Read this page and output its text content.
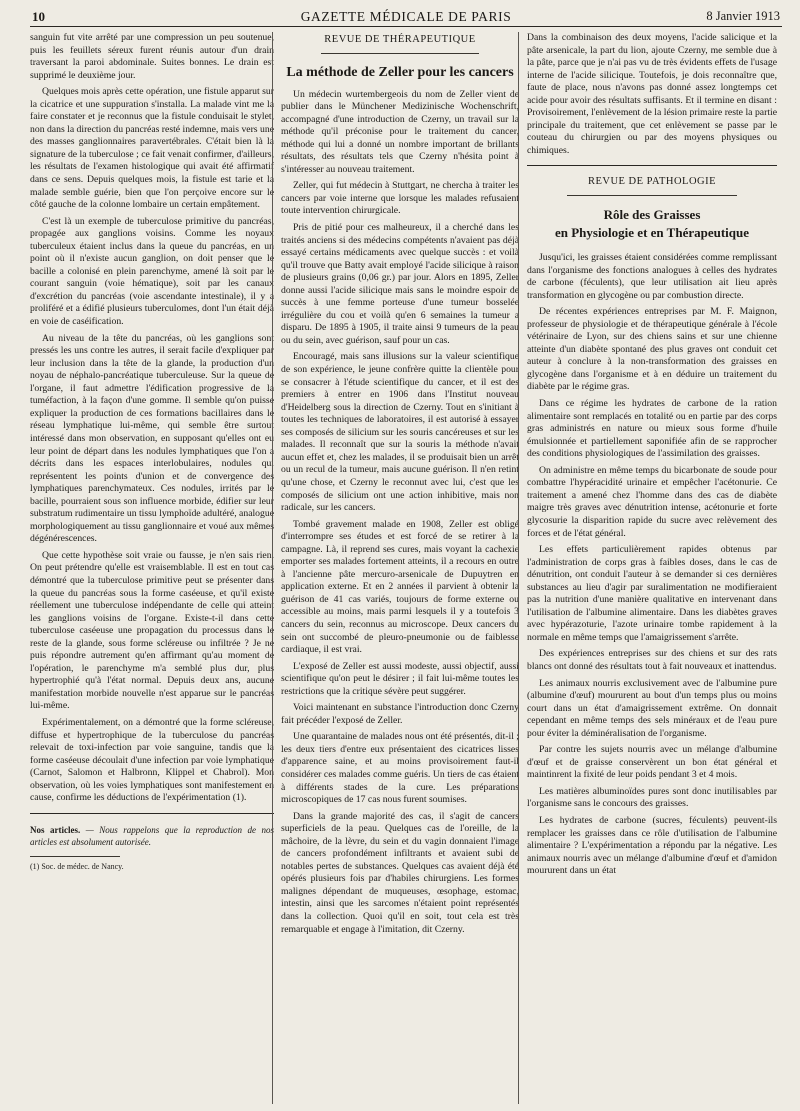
10	GAZETTE MÉDICALE DE PARIS	8 Janvier 1913

sanguin fut vite arrêté par une compression un peu soutenue, puis les feuillets séreux furent réunis autour d'un drain traversant la paroi abdominale. Suites bonnes. Le drain est supprimé le deuxième jour.

Quelques mois après cette opération, une fistule apparut sur la cicatrice et une suppuration s'installa. La malade vint me la faire constater et je reconnus que la fistule conduisait le stylet, non dans la direction du pancréas resté indemne, mais vers une des masses ganglionnaires paravertébrales. C'était bien là la signature de la tuberculose ; ce fait venait confirmer, d'ailleurs, les résultats de l'examen histologique qui avait été affirmatif dans ce sens. Depuis quelques mois, la fistule est tarie et la malade semble guérie, bien que l'on perçoive encore sur le côté gauche de la colonne lombaire un certain empâtement.

C'est là un exemple de tuberculose primitive du pancréas, propagée aux ganglions voisins. Comme les noyaux tuberculeux étaient inclus dans la queue du pancréas, en un point où il n'existe aucun ganglion, on doit penser que le bacille a colonisé en plein parenchyme, amené là soit par le courant sanguin (voie hématique), soit par les canaux d'excrétion du pancréas (voie ascendante intestinale), il y a proliféré et a édifié plusieurs tuberculomes, dont l'un était déjà en voie de caséification.

Au niveau de la tête du pancréas, où les ganglions sont pressés les uns contre les autres, il serait facile d'expliquer par leur inclusion dans la tête de la glande, la production d'un noyau de néphalo-pancréatique tuberculeuse. Sur la queue de l'organe, il faut admettre l'édification progressive de la tuméfaction, à la façon d'une gomme. Il semble qu'on puisse expliquer la production de ces formations bacillaires dans le réseau lymphatique lui-même, qui semble être surtout intéressé dans mon observation, en supposant qu'elles ont eu leur point de départ dans les nodules lymphatiques que l'on a décrits dans les espaces interlobulaires, nodules qui représentent les points d'union et de convergence des lymphatiques parenchymateux. Ces nodules, irrités par le bacille, pourraient sous son influence morbide, édifier sur leur substratum rudimentaire un tissu lymphoïde adultéré, analogue morphologiquement au tissu ganglionnaire et voué aux mêmes dégénérescences.

Que cette hypothèse soit vraie ou fausse, je n'en sais rien. On peut prétendre qu'elle est vraisemblable. Il est en tout cas démontré que la tuberculose primitive peut se présenter dans la queue du pancréas sous la forme caséeuse, et qu'il existe réellement une tuberculose indépendante de celle qui atteint les ganglions voisins de l'organe. Existe-t-il dans cette tuberculose caséeuse une propagation du processus dans le reste de la glande, sous forme scléreuse ou infiltrée ? Je ne puis répondre autrement qu'en affirmant qu'au moment de l'opération, le parenchyme m'a semblé plus dur, plus hypertrophié qu'à l'état normal. Depuis deux ans, aucune manifestation morbide nouvelle n'est apparue sur le pancréas lui-même.

Expérimentalement, on a démontré que la forme scléreuse, diffuse et hypertrophique de la tuberculose du pancréas relevait de toxi-infection par voie sanguine, tandis que la forme caséeuse découlait d'une infection par voie lymphatique (Carnot, Salomon et Halbronn, Klippel et Chabrol). Mon observation, où les voies lymphatiques sont manifestement en cause, confirme les déductions de l'expérimentation (1).

Nos articles. — Nous rappelons que la reproduction de nos articles est absolument autorisée.
(1) Soc. de médec. de Nancy.
REVUE DE THÉRAPEUTIQUE
La méthode de Zeller pour les cancers

Un médecin wurtembergeois du nom de Zeller vient de publier dans le Münchener Medizinische Wochenschrift, accompagné d'une introduction de Czerny, un travail sur la méthode qu'il préconise pour le traitement du cancer, méthode qui lui a donné un nombre important de brillants résultats, des résultats tels que Czerny n'hésita point à s'intéresser au nouveau traitement.

Zeller, qui fut médecin à Stuttgart, ne chercha à traiter les cancers par voie interne que lorsque les malades refusaient toute intervention chirurgicale.

Pris de pitié pour ces malheureux, il a cherché dans les traités anciens si des médecins compétents n'avaient pas déjà essayé certains médicaments avec quelque succès : et voilà qu'il trouve que Batty avait employé l'acide silicique à raison de plusieurs grains (0,06 gr.) par jour. Alors en 1895, Zeller donne aussi l'acide silicique mais sans le moindre espoir de succès à une femme porteuse d'une tumeur bosselée irrégulière du cou et voilà qu'en 6 semaines la tumeur a disparu. De 1895 à 1905, il traite ainsi 9 tumeurs de la peau ou du sein, avec guérison, sauf pour un cas.

Encouragé, mais sans illusions sur la valeur scientifique de son expérience, le jeune confrère quitte la clientèle pour se consacrer à l'étude scientifique du cancer, et il est des premiers à entrer en 1906 dans l'Institut nouveau d'Heidelberg sous la direction de Czerny. Tout en s'initiant à toutes les techniques de laboratoires, il est autorisé à essayer ses composés de silicium sur les souris cancéreuses et sur les malades. Il reconnaît que sur la souris la méthode n'avait aucun effet et, chez les malades, il se produisait bien un arrêt ou un recul de la tumeur, mais aucune guérison. Il n'en retint qu'une chose, et Czerny le reconnut avec lui, c'est que les composés de silicium ont une action inhibitive, mais non radicale, sur les cancers.

Tombé gravement malade en 1908, Zeller est obligé d'interrompre ses études et est forcé de se retirer à la campagne. Là, il reprend ses cures, mais voyant la cachexie emporter ses malades fortement atteints, il a recours en outre à l'ancienne pâte mercuro-arsenicale de Dupuytren en application externe. Et en 2 années il parvient à obtenir la guérison de 41 cas variés, toujours de forme externe ou accessible au moins, mais parmi lesquels il y a toutefois 3 cancers du sein, reconnus au microscope. Deux cancers du sein ont succombé de pleuro-pneumonie ou de faiblesse cardiaque, il est vrai.

L'exposé de Zeller est aussi modeste, aussi objectif, aussi scientifique qu'on peut le désirer ; il fait lui-même toutes les restrictions que la critique sévère peut suggérer.

Voici maintenant en substance l'introduction donc Czerny fait précéder l'exposé de Zeller.

Une quarantaine de malades nous ont été présentés, dit-il ; les deux tiers d'entre eux présentaient des cicatrices lisses d'apparence saine, et au moins provisoirement faut-il considérer ces malades comme guéris. Un tiers de cas étaient à différents stades de la cure. Les préparations microscopiques de 17 cas nous furent soumises.

Dans la grande majorité des cas, il s'agit de cancers superficiels de la peau. Quelques cas de l'oreille, de la mâchoire, de la lèvre, du sein et du vagin donnaient l'image de cancers profondément infiltrants et avaient subi de notables pertes de substances. Quelques cas avaient déjà été opérés plusieurs fois par d'habiles chirurgiens. Les formes malignes dépendant de muqueuses, œsophage, estomac, intestin, ainsi que les sarcomes n'étaient point représentés dans la collection. Quoi qu'il en soit, tout cela est très remarquable et engage à l'imitation, dit Czerny.

Dans la combinaison des deux moyens, l'acide salicique et la pâte arsenicale, la part du lion, ajoute Czerny, me semble due à la pâte, parce que je n'ai pas vu de très évidents effets de l'usage interne de l'acide silicique. Toutefois, je dois reconnaître que, faute de place, nous n'avons pas donné assez longtemps cet acide pour avoir des résultats suffisants. Et il termine en disant : Provisoirement, l'enlèvement de la lésion primaire reste la partie principale du traitement, que cet enlèvement se passe par le couteau du chirurgien ou par des moyens physiques ou chimiques.

REVUE DE PATHOLOGIE
Rôle des Graisses
en Physiologie et en Thérapeutique

Jusqu'ici, les graisses étaient considérées comme remplissant dans l'organisme des fonctions analogues à celles des hydrates de carbone (féculents), que leur utilisation ait lieu après transformation en glycogène ou par combustion directe.

De récentes expériences entreprises par M. F. Maignon, professeur de physiologie et de thérapeutique générale à l'école vétérinaire de Lyon, sur des chiens sains et sur une chienne atteinte d'un diabète spontané des plus graves ont conduit cet auteur à conclure à la non-transformation des graisses en glycogène dans l'organisme et à en déduire un traitement du diabète par le régime gras.

Dans ce régime les hydrates de carbone de la ration alimentaire sont remplacés en totalité ou en partie par des corps gras administrés en nature ou mieux sous forme d'huile émulsionnée et partiellement saponifiée afin de se rapprocher des conditions physiologiques de l'assimilation des graisses.

On administre en même temps du bicarbonate de soude pour combattre l'hypéracidité urinaire et empêcher l'acétonurie. Ce traitement a amené chez l'homme dans des cas de diabète maigre très graves avec dénutrition intense, acétonurie et forte glycosurie la disparition rapide du sucre avec relèvement des forces et de l'état général.

Les effets particulièrement rapides obtenus par l'administration de corps gras à faibles doses, dans le cas de dénutrition, ont conduit l'auteur à se demander si ces dernières substances au lieu d'agir par suralimentation ne modifieraient pas la nutrition d'une manière qualitative en intervenant dans l'utilisation de l'albumine alimentaire. Dans les diabètes graves avec hypérazoturie, l'azote urinaire tombe rapidement à la normale en même temps que l'amaigrissement s'arrête.

Des expériences entreprises sur des chiens et sur des rats blancs ont donné des résultats tout à fait nouveaux et inattendus.

Les animaux nourris exclusivement avec de l'albumine pure (albumine d'œuf) moururent au bout d'un temps plus ou moins court dans un état d'amaigrissement extrême. On donnait cependant en même temps des sels minéraux et de l'eau pure pour éviter la déminéralisation de l'organisme.

Par contre les sujets nourris avec un mélange d'albumine d'œuf et de graisse conservèrent un bon état général et maintinrent la fixité de leur poids pendant 3 et 4 mois.

Les matières albuminoïdes pures sont donc inutilisables par l'organisme sans le concours des graisses.

Les hydrates de carbone (sucres, féculents) peuvent-ils remplacer les graisses dans ce rôle d'utilisation de l'albumine alimentaire ? L'expérimentation a répondu par la négative. Les animaux nourris avec un mélange d'albumine d'œuf et d'amidon moururent dans un état
